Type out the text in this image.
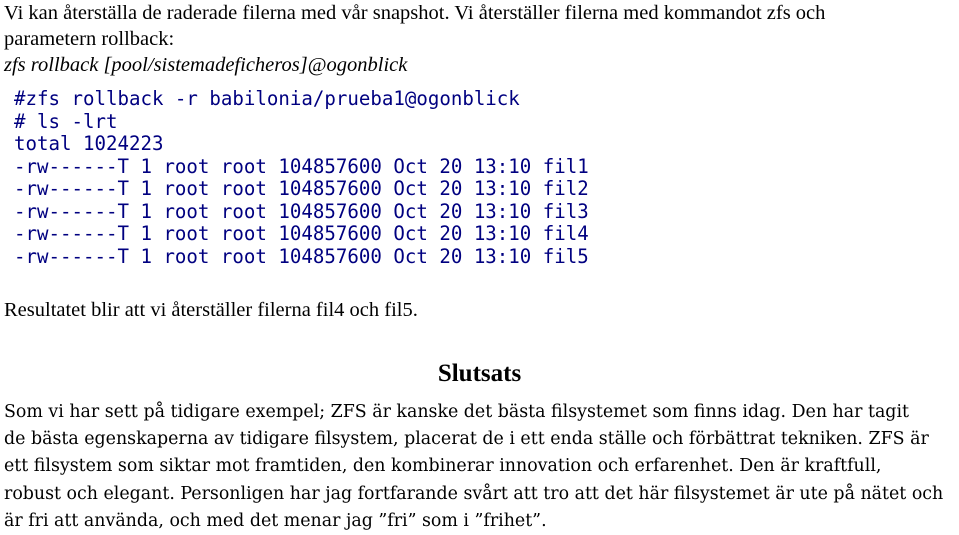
Vi kan återställa de raderade filerna med vår snapshot. Vi återställer filerna med kommandot zfs och

parametern rollback:

zfs rollback [pool/sistemadeficheros]@ogonblick

#zfs rollback -r babilonia/prueba1@ogonblick
# ls -lrt
total 1024223
-rw------T 1 root root 104857600 Oct 20 13:10 fil1
-rw------T 1 root root 104857600 Oct 20 13:10 fil2
-rw------T 1 root root 104857600 Oct 20 13:10 fil3
-rw------T 1 root root 104857600 Oct 20 13:10 fil4
-rw------T 1 root root 104857600 Oct 20 13:10 fil5

Resultatet blir att vi återställer filerna fil4 och fil5.

Slutsats

Som vi har sett på tidigare exempel; ZFS är kanske det bästa filsystemet som finns idag. Den har tagit
de bästa egenskaperna av tidigare filsystem, placerat de i ett enda ställe och förbättrat tekniken. ZFS är
ett filsystem som siktar mot framtiden, den kombinerar innovation och erfarenhet. Den är kraftfull,
robust och elegant. Personligen har jag fortfarande svårt att tro att det här filsystemet är ute på nätet och
är fri att använda, och med det menar jag ”fri” som i ”frihet”.
